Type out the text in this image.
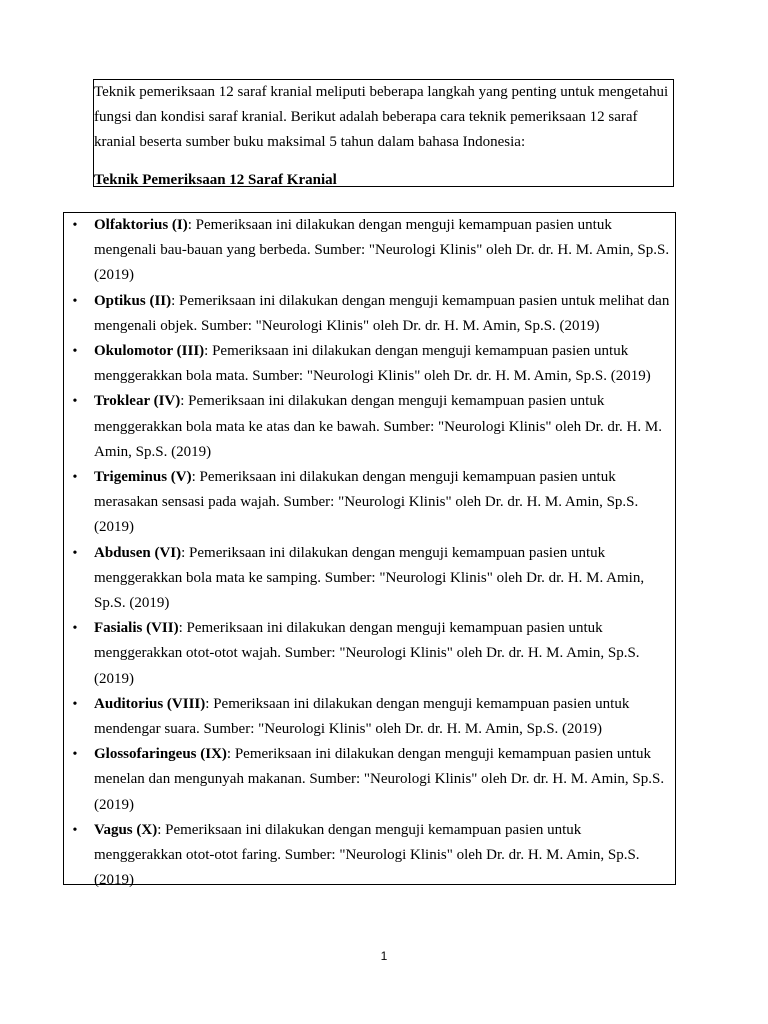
Teknik pemeriksaan 12 saraf kranial meliputi beberapa langkah yang penting untuk mengetahui fungsi dan kondisi saraf kranial. Berikut adalah beberapa cara teknik pemeriksaan 12 saraf kranial beserta sumber buku maksimal 5 tahun dalam bahasa Indonesia:

Teknik Pemeriksaan 12 Saraf Kranial
• Olfaktorius (I): Pemeriksaan ini dilakukan dengan menguji kemampuan pasien untuk mengenali bau-bauan yang berbeda. Sumber: "Neurologi Klinis" oleh Dr. dr. H. M. Amin, Sp.S. (2019)
• Optikus (II): Pemeriksaan ini dilakukan dengan menguji kemampuan pasien untuk melihat dan mengenali objek. Sumber: "Neurologi Klinis" oleh Dr. dr. H. M. Amin, Sp.S. (2019)
• Okulomotor (III): Pemeriksaan ini dilakukan dengan menguji kemampuan pasien untuk menggerakkan bola mata. Sumber: "Neurologi Klinis" oleh Dr. dr. H. M. Amin, Sp.S. (2019)
• Troklear (IV): Pemeriksaan ini dilakukan dengan menguji kemampuan pasien untuk menggerakkan bola mata ke atas dan ke bawah. Sumber: "Neurologi Klinis" oleh Dr. dr. H. M. Amin, Sp.S. (2019)
• Trigeminus (V): Pemeriksaan ini dilakukan dengan menguji kemampuan pasien untuk merasakan sensasi pada wajah. Sumber: "Neurologi Klinis" oleh Dr. dr. H. M. Amin, Sp.S. (2019)
• Abdusen (VI): Pemeriksaan ini dilakukan dengan menguji kemampuan pasien untuk menggerakkan bola mata ke samping. Sumber: "Neurologi Klinis" oleh Dr. dr. H. M. Amin, Sp.S. (2019)
• Fasialis (VII): Pemeriksaan ini dilakukan dengan menguji kemampuan pasien untuk menggerakkan otot-otot wajah. Sumber: "Neurologi Klinis" oleh Dr. dr. H. M. Amin, Sp.S. (2019)
• Auditorius (VIII): Pemeriksaan ini dilakukan dengan menguji kemampuan pasien untuk mendengar suara. Sumber: "Neurologi Klinis" oleh Dr. dr. H. M. Amin, Sp.S. (2019)
• Glossofaringeus (IX): Pemeriksaan ini dilakukan dengan menguji kemampuan pasien untuk menelan dan mengunyah makanan. Sumber: "Neurologi Klinis" oleh Dr. dr. H. M. Amin, Sp.S. (2019)
• Vagus (X): Pemeriksaan ini dilakukan dengan menguji kemampuan pasien untuk menggerakkan otot-otot faring. Sumber: "Neurologi Klinis" oleh Dr. dr. H. M. Amin, Sp.S. (2019)
1
